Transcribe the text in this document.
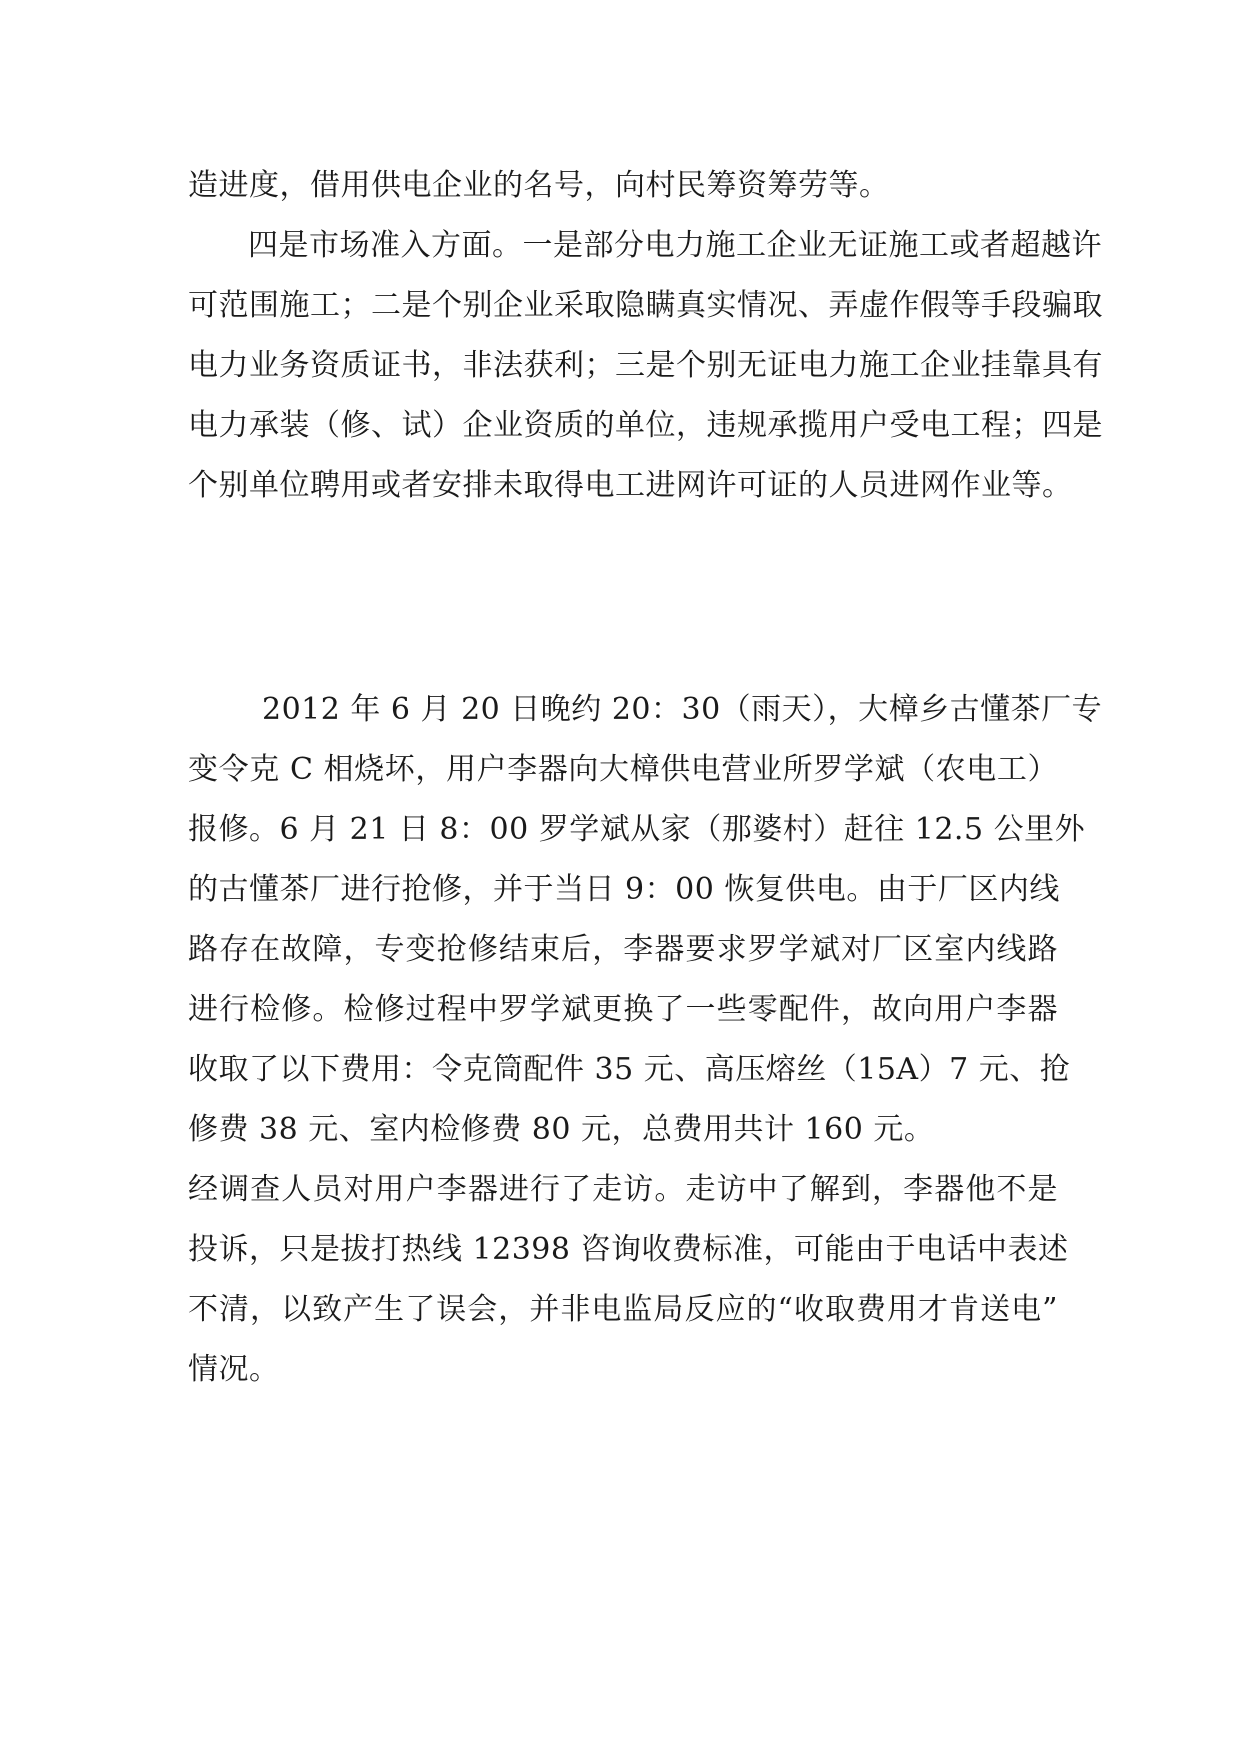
造进度，借用供电企业的名号，向村民筹资筹劳等。
四是市场准入方面。一是部分电力施工企业无证施工或者超越许
可范围施工；二是个别企业采取隐瞒真实情况、弄虚作假等手段骗取
电力业务资质证书，非法获利；三是个别无证电力施工企业挂靠具有
电力承装（修、试）企业资质的单位，违规承揽用户受电工程；四是
个别单位聘用或者安排未取得电工进网许可证的人员进网作业等。
2012 年 6 月 20 日晚约 20：30（雨天），大樟乡古懂茶厂专
变令克 C 相烧坏，用户李器向大樟供电营业所罗学斌（农电工）
报修。6 月 21 日 8：00 罗学斌从家（那婆村）赶往 12.5 公里外
的古懂茶厂进行抢修，并于当日 9：00 恢复供电。由于厂区内线
路存在故障，专变抢修结束后，李器要求罗学斌对厂区室内线路
进行检修。检修过程中罗学斌更换了一些零配件，故向用户李器
收取了以下费用：令克筒配件 35 元、高压熔丝（15A）7 元、抢
修费 38 元、室内检修费 80 元，总费用共计 160 元。
经调查人员对用户李器进行了走访。走访中了解到，李器他不是
投诉，只是拔打热线 12398 咨询收费标准，可能由于电话中表述
不清，以致产生了误会，并非电监局反应的“收取费用才肯送电”
情况。
